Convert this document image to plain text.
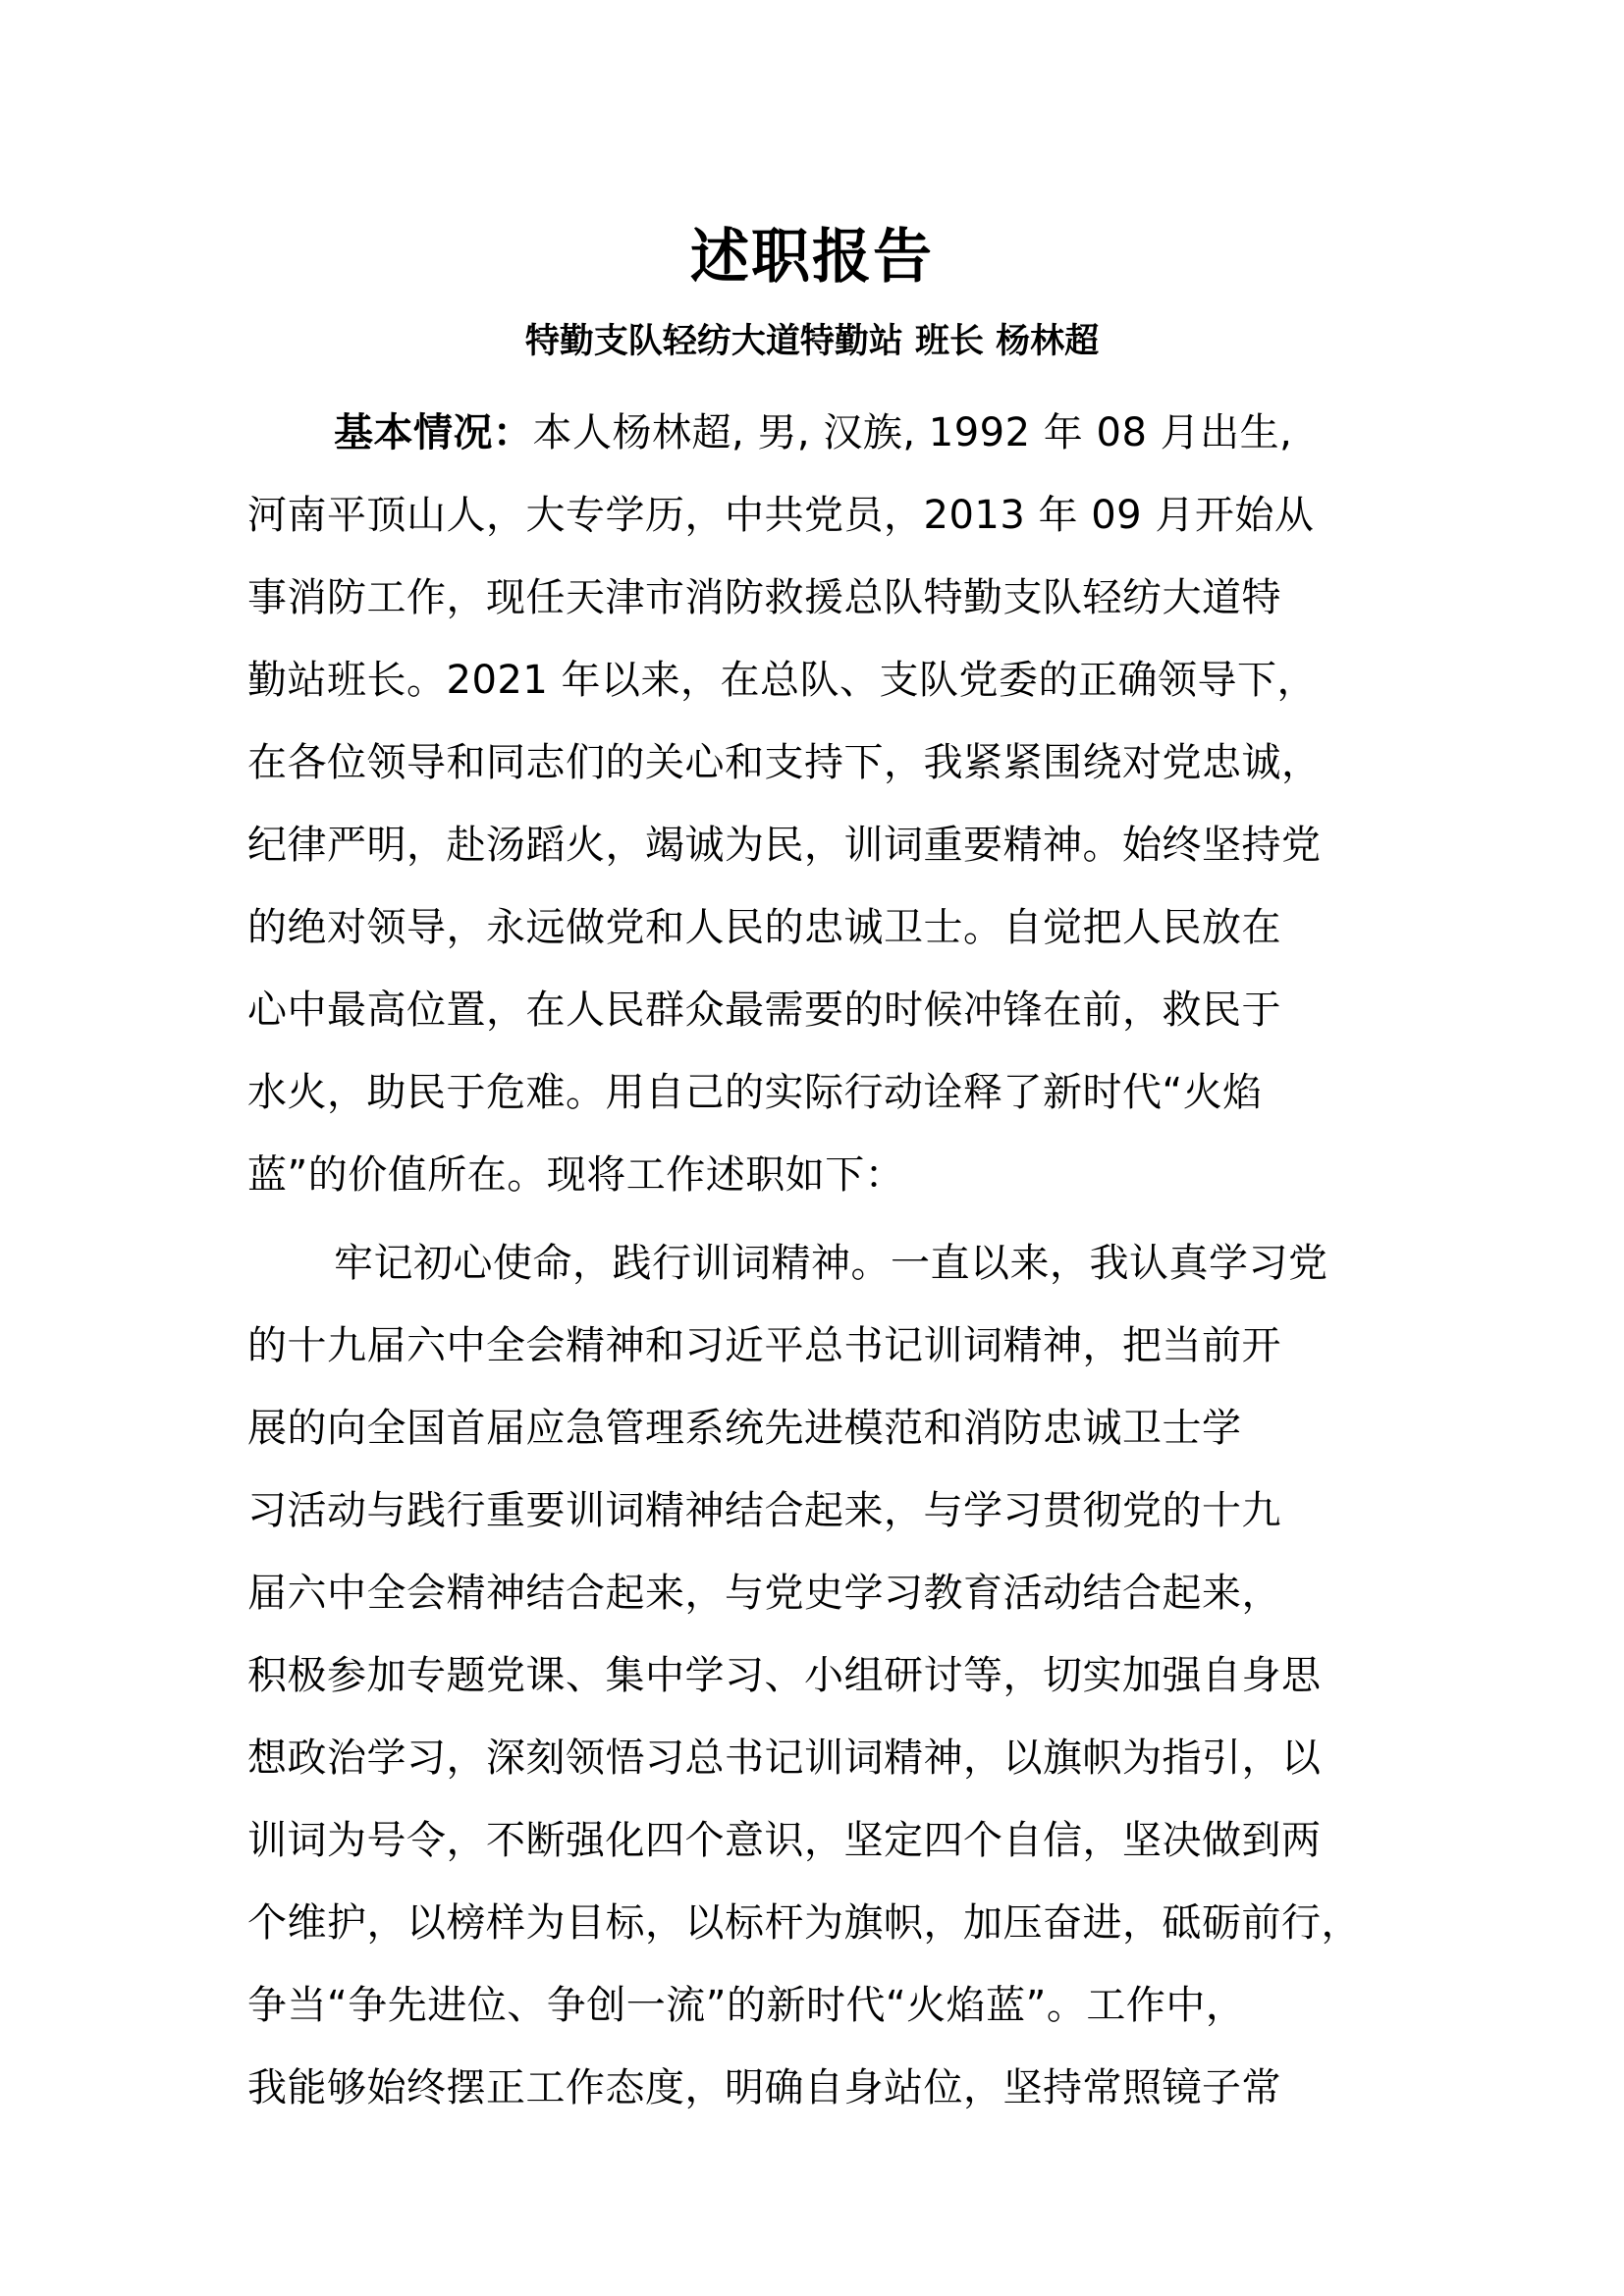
述职报告
特勤支队轻纺大道特勤站 班长 杨林超
基本情况：本人杨林超, 男, 汉族, 1992 年 08 月出生,
河南平顶山人，大专学历，中共党员，2013 年 09 月开始从
事消防工作，现任天津市消防救援总队特勤支队轻纺大道特
勤站班长。2021 年以来，在总队、支队党委的正确领导下，
在各位领导和同志们的关心和支持下，我紧紧围绕对党忠诚，
纪律严明，赴汤蹈火，竭诚为民，训词重要精神。始终坚持党
的绝对领导，永远做党和人民的忠诚卫士。自觉把人民放在
心中最高位置，在人民群众最需要的时候冲锋在前，救民于
水火，助民于危难。用自己的实际行动诠释了新时代“火焰
蓝”的价值所在。现将工作述职如下：
牢记初心使命，践行训词精神。一直以来，我认真学习党
的十九届六中全会精神和习近平总书记训词精神，把当前开
展的向全国首届应急管理系统先进模范和消防忠诚卫士学
习活动与践行重要训词精神结合起来，与学习贯彻党的十九
届六中全会精神结合起来，与党史学习教育活动结合起来，
积极参加专题党课、集中学习、小组研讨等，切实加强自身思
想政治学习，深刻领悟习总书记训词精神，以旗帜为指引，以
训词为号令，不断强化四个意识，坚定四个自信，坚决做到两
个维护，以榜样为目标，以标杆为旗帜，加压奋进，砥砺前行，
争当“争先进位、争创一流”的新时代“火焰蓝”。工作中，
我能够始终摆正工作态度，明确自身站位，坚持常照镜子常
